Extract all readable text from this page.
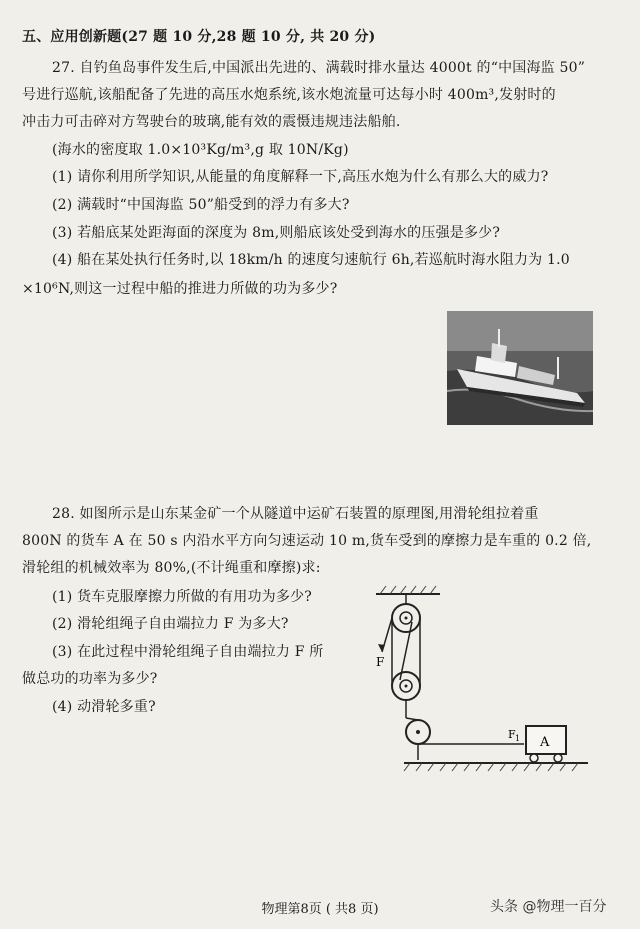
五、应用创新题(27 题 10 分,28 题 10 分, 共 20 分)
27. 自钓鱼岛事件发生后,中国派出先进的、满载时排水量达 4000t 的“中国海监 50”
号进行巡航,该船配备了先进的高压水炮系统,该水炮流量可达每小时 400m³,发射时的
冲击力可击碎对方驾驶台的玻璃,能有效的震慑违规违法船舶.
(海水的密度取 1.0×10³Kg/m³,g 取 10N/Kg)
(1) 请你利用所学知识,从能量的角度解释一下,高压水炮为什么有那么大的威力?
(2) 满载时“中国海监 50”船受到的浮力有多大?
(3) 若船底某处距海面的深度为 8m,则船底该处受到海水的压强是多少?
(4) 船在某处执行任务时,以 18km/h 的速度匀速航行 6h,若巡航时海水阻力为 1.0
×10⁶N,则这一过程中船的推进力所做的功为多少?
28. 如图所示是山东某金矿一个从隧道中运矿石装置的原理图,用滑轮组拉着重
800N 的货车 A 在 50 s 内沿水平方向匀速运动 10 m,货车受到的摩擦力是车重的 0.2 倍,
滑轮组的机械效率为 80%,(不计绳重和摩擦)求:
(1) 货车克服摩擦力所做的有用功为多少?
(2) 滑轮组绳子自由端拉力 F 为多大?
(3) 在此过程中滑轮组绳子自由端拉力 F 所
做总功的功率为多少?
(4) 动滑轮多重?
F
F 1 A
物理第8页 ( 共8 页)	头条 @物理一百分
